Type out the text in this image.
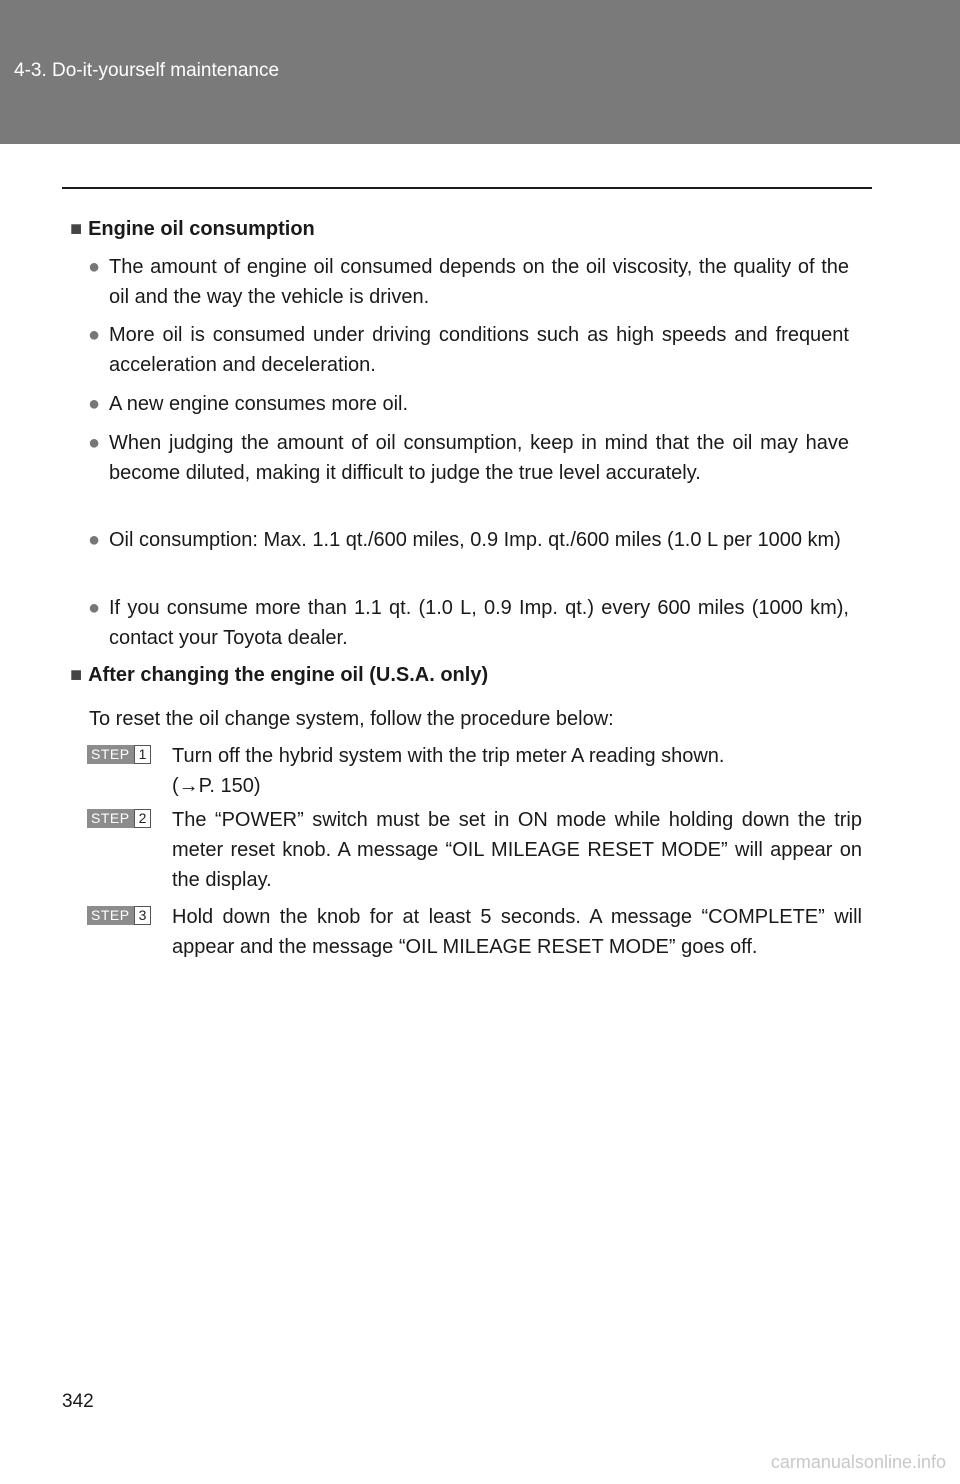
4-3. Do-it-yourself maintenance
■ Engine oil consumption
● The amount of engine oil consumed depends on the oil viscosity, the quality of the oil and the way the vehicle is driven.
● More oil is consumed under driving conditions such as high speeds and frequent acceleration and deceleration.
● A new engine consumes more oil.
● When judging the amount of oil consumption, keep in mind that the oil may have become diluted, making it difficult to judge the true level accurately.
● Oil consumption: Max. 1.1 qt./600 miles, 0.9 Imp. qt./600 miles (1.0 L per 1000 km)
● If you consume more than 1.1 qt. (1.0 L, 0.9 Imp. qt.) every 600 miles (1000 km), contact your Toyota dealer.
■ After changing the engine oil (U.S.A. only)
To reset the oil change system, follow the procedure below:
STEP 1 Turn off the hybrid system with the trip meter A reading shown.
(→P. 150)
STEP 2 The “POWER” switch must be set in ON mode while holding down the trip meter reset knob. A message “OIL MILEAGE RESET MODE” will appear on the display.
STEP 3 Hold down the knob for at least 5 seconds. A message “COMPLETE” will appear and the message “OIL MILEAGE RESET MODE” goes off.
342
carmanualsonline.info
